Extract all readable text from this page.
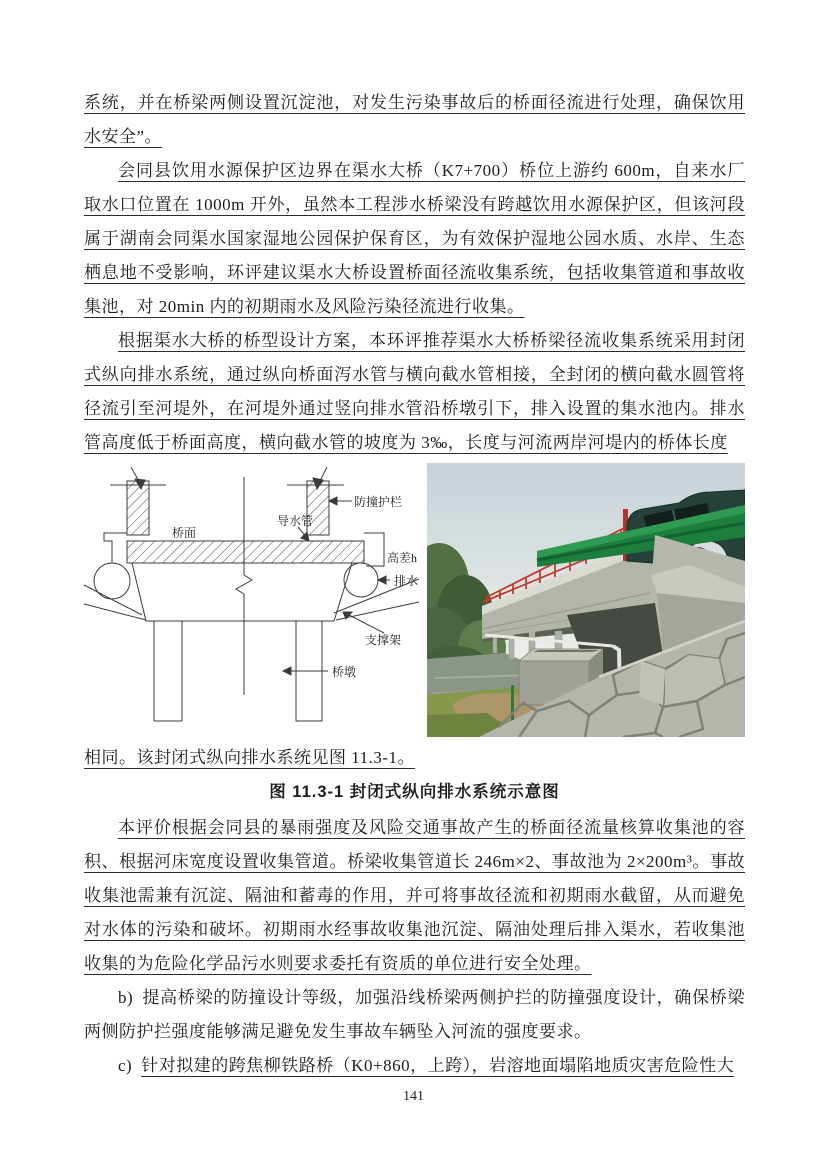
系统，并在桥梁两侧设置沉淀池，对发生污染事故后的桥面径流进行处理，确保饮用水安全”。

会同县饮用水源保护区边界在渠水大桥（K7+700）桥位上游约 600m，自来水厂取水口位置在 1000m 开外，虽然本工程涉水桥梁没有跨越饮用水源保护区，但该河段属于湖南会同渠水国家湿地公园保护保育区，为有效保护湿地公园水质、水岸、生态栖息地不受影响，环评建议渠水大桥设置桥面径流收集系统，包括收集管道和事故收集池，对 20min 内的初期雨水及风险污染径流进行收集。

根据渠水大桥的桥型设计方案，本环评推荐渠水大桥桥梁径流收集系统采用封闭式纵向排水系统，通过纵向桥面泻水管与横向截水管相接，全封闭的横向截水圆管将径流引至河堤外，在河堤外通过竖向排水管沿桥墩引下，排入设置的集水池内。排水管高度低于桥面高度，横向截水管的坡度为 3‰，长度与河流两岸河堤内的桥体长度

防撞护栏
导水管
桥面
高差h
排水
支撑架
桥墩

相同。该封闭式纵向排水系统见图 11.3-1。

图 11.3-1 封闭式纵向排水系统示意图

本评价根据会同县的暴雨强度及风险交通事故产生的桥面径流量核算收集池的容积、根据河床宽度设置收集管道。桥梁收集管道长 246m×2、事故池为 2×200m³。事故收集池需兼有沉淀、隔油和蓄毒的作用，并可将事故径流和初期雨水截留，从而避免对水体的污染和破坏。初期雨水经事故收集池沉淀、隔油处理后排入渠水，若收集池收集的为危险化学品污水则要求委托有资质的单位进行安全处理。

b) 提高桥梁的防撞设计等级，加强沿线桥梁两侧护拦的防撞强度设计，确保桥梁两侧防护拦强度能够满足避免发生事故车辆坠入河流的强度要求。

c) 针对拟建的跨焦柳铁路桥（K0+860，上跨），岩溶地面塌陷地质灾害危险性大

141
